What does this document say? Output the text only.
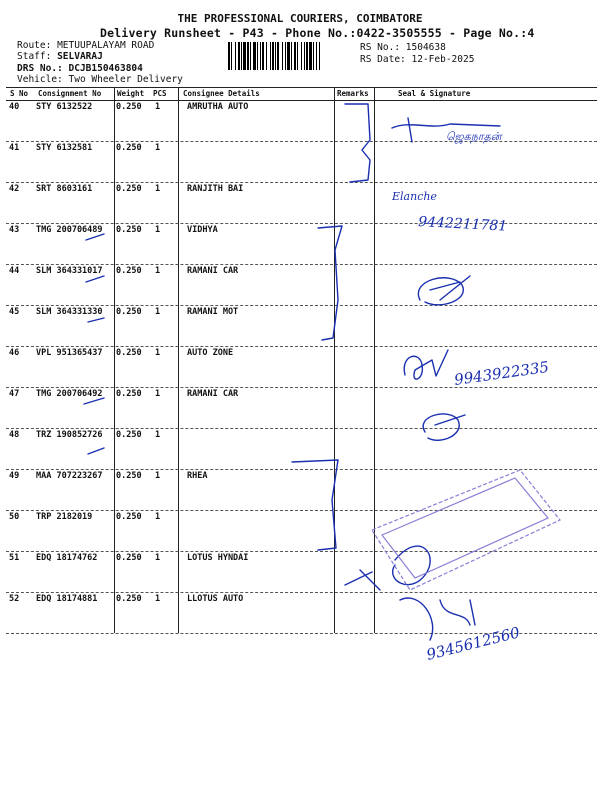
THE PROFESSIONAL COURIERS, COIMBATORE
Delivery Runsheet - P43 - Phone No.:0422-3505555 - Page No.:4
Route: METUUPALAYAM ROAD
Staff: SELVARAJ
DRS No.: DCJB150463804
Vehicle: Two Wheeler Delivery
RS No.: 1504638
RS Date: 12-Feb-2025
S No Consignment No Weight PCS Consignee Details	Remarks	Seal & Signature
40 STY 6132522	0.250 1	AMRUTHA AUTO
41 STY 6132581	0.250 1
42 SRT 8603161	0.250 1	RANJITH BAI
43 TMG 200706489 0.250 1	VIDHYA
44 SLM 364331017 0.250 1	RAMANI CAR
45 SLM 364331330 0.250 1	RAMANI MOT
46 VPL 951365437 0.250 1	AUTO ZONE
47 TMG 200706492 0.250 1	RAMANI CAR
48 TRZ 190852726 0.250 1
49 MAA 707223267 0.250 1	RHEA
50 TRP 2182019	0.250 1
51 EDQ 18174762 0.250 1	LOTUS HYNDAI
52 EDQ 18174881 0.250 1	LLOTUS AUTO
ஜெகநாதன்
Elanche
9442211781
9943922335
9345612560
